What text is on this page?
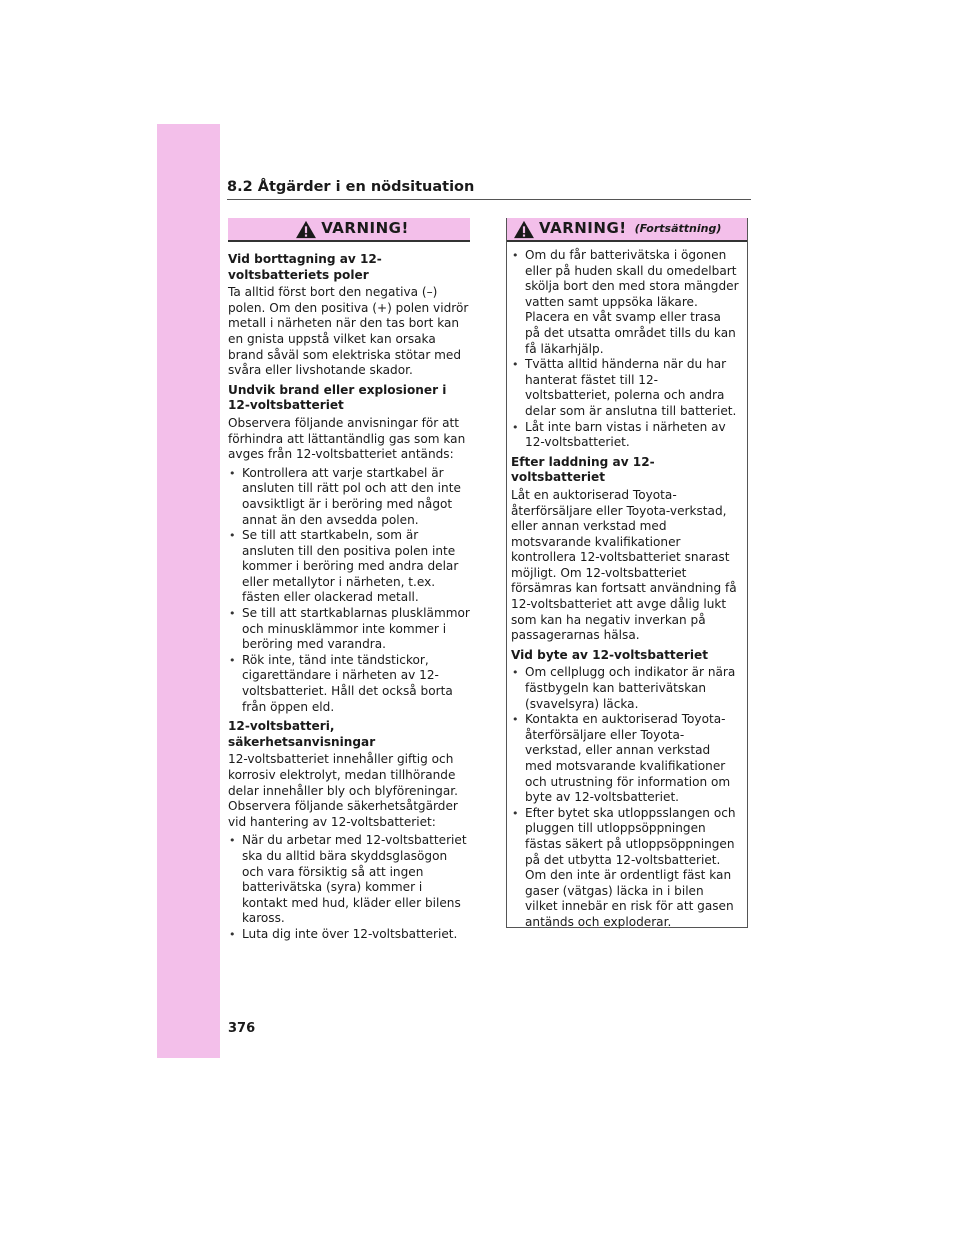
8.2 Åtgärder i en nödsituation
VARNING!
Vid borttagning av 12-voltsbatteriets poler

Ta alltid först bort den negativa (–) polen. Om den positiva (+) polen vidrör metall i närheten när den tas bort kan en gnista uppstå vilket kan orsaka brand såväl som elektriska stötar med svåra eller livshotande skador.

Undvik brand eller explosioner i 12-voltsbatteriet

Observera följande anvisningar för att förhindra att lättantändlig gas som kan avges från 12-voltsbatteriet antänds:

• Kontrollera att varje startkabel är ansluten till rätt pol och att den inte oavsiktligt är i beröring med något annat än den avsedda polen.
• Se till att startkabeln, som är ansluten till den positiva polen inte kommer i beröring med andra delar eller metallytor i närheten, t.ex. fästen eller olackerad metall.
• Se till att startkablarnas plusklämmor och minusklämmor inte kommer i beröring med varandra.
• Rök inte, tänd inte tändstickor, cigarettändare i närheten av 12-voltsbatteriet. Håll det också borta från öppen eld.
12-voltsbatteri, säkerhetsanvisningar

12-voltsbatteriet innehåller giftig och korrosiv elektrolyt, medan tillhörande delar innehåller bly och blyföreningar. Observera följande säkerhetsåtgärder vid hantering av 12-voltsbatteriet:

• När du arbetar med 12-voltsbatteriet ska du alltid bära skyddsglasögon och vara försiktig så att ingen batterivätska (syra) kommer i kontakt med hud, kläder eller bilens kaross.
• Luta dig inte över 12-voltsbatteriet.
VARNING! (Fortsättning)
• Om du får batterivätska i ögonen eller på huden skall du omedelbart skölja bort den med stora mängder vatten samt uppsöka läkare. Placera en våt svamp eller trasa på det utsatta området tills du kan få läkarhjälp.
• Tvätta alltid händerna när du har hanterat fästet till 12-voltsbatteriet, polerna och andra delar som är anslutna till batteriet.
• Låt inte barn vistas i närheten av 12-voltsbatteriet.
Efter laddning av 12-voltsbatteriet

Låt en auktoriserad Toyota-återförsäljare eller Toyota-verkstad, eller annan verkstad med motsvarande kvalifikationer kontrollera 12-voltsbatteriet snarast möjligt. Om 12-voltsbatteriet försämras kan fortsatt användning få 12-voltsbatteriet att avge dålig lukt som kan ha negativ inverkan på passagerarnas hälsa.

Vid byte av 12-voltsbatteriet
• Om cellplugg och indikator är nära fästbygeln kan batterivätskan (svavelsyra) läcka.
• Kontakta en auktoriserad Toyota-återförsäljare eller Toyota-verkstad, eller annan verkstad med motsvarande kvalifikationer och utrustning för information om byte av 12-voltsbatteriet.
• Efter bytet ska utloppsslangen och pluggen till utloppsöppningen fästas säkert på utloppsöppningen på det utbytta 12-voltsbatteriet. Om den inte är ordentligt fäst kan gaser (vätgas) läcka in i bilen vilket innebär en risk för att gasen antänds och exploderar.
376
